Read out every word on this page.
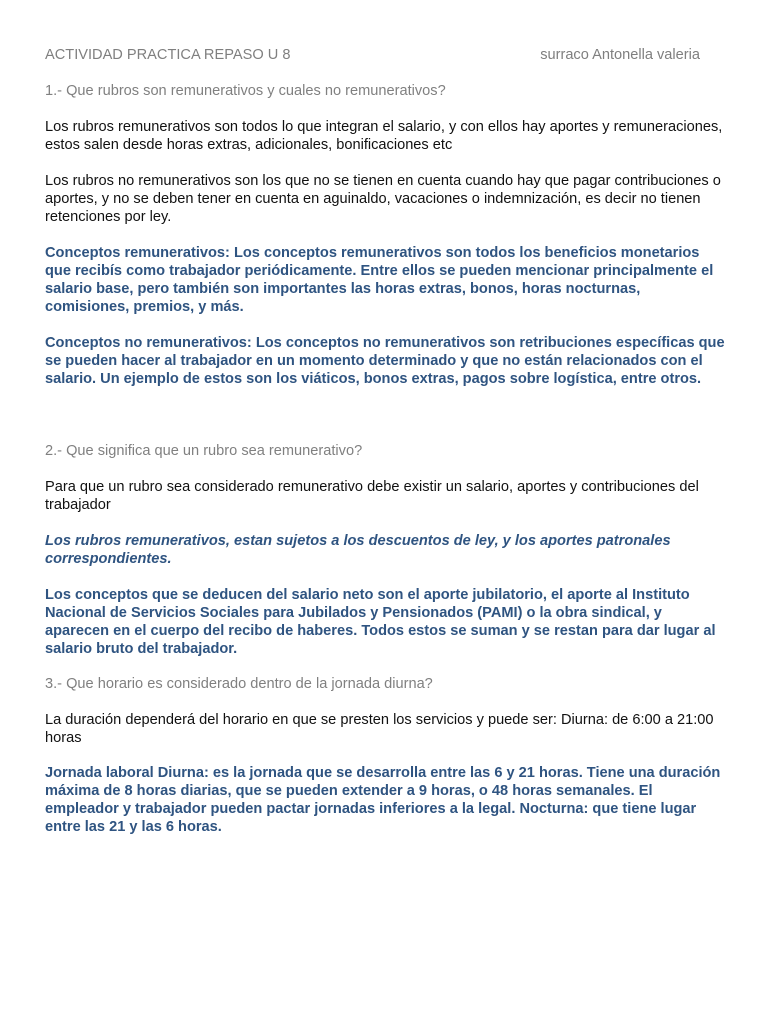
ACTIVIDAD PRACTICA REPASO U 8	surraco Antonella valeria

1.- Que rubros son remunerativos y cuales no remunerativos?

Los rubros remunerativos son todos lo que integran el salario, y con ellos hay aportes y remuneraciones, estos salen desde horas extras, adicionales, bonificaciones etc

Los rubros no remunerativos son los que no se tienen en cuenta cuando hay que pagar contribuciones o aportes, y no se deben tener en cuenta en aguinaldo, vacaciones o indemnización, es decir no tienen retenciones por ley.

Conceptos remunerativos: Los conceptos remunerativos son todos los beneficios monetarios que recibís como trabajador periódicamente. Entre ellos se pueden mencionar principalmente el salario base, pero también son importantes las horas extras, bonos, horas nocturnas, comisiones, premios, y más.

Conceptos no remunerativos: Los conceptos no remunerativos son retribuciones específicas que se pueden hacer al trabajador en un momento determinado y que no están relacionados con el salario. Un ejemplo de estos son los viáticos, bonos extras, pagos sobre logística, entre otros.

2.- Que significa que un rubro sea remunerativo?

Para que un rubro sea considerado remunerativo debe existir un salario, aportes y contribuciones del trabajador

Los rubros remunerativos, estan sujetos a los descuentos de ley, y los aportes patronales correspondientes.

Los conceptos que se deducen del salario neto son el aporte jubilatorio, el aporte al Instituto Nacional de Servicios Sociales para Jubilados y Pensionados (PAMI) o la obra sindical, y aparecen en el cuerpo del recibo de haberes. Todos estos se suman y se restan para dar lugar al salario bruto del trabajador.

3.- Que horario es considerado dentro de la jornada diurna?

La duración dependerá del horario en que se presten los servicios y puede ser: Diurna: de 6:00 a 21:00 horas

Jornada laboral Diurna: es la jornada que se desarrolla entre las 6 y 21 horas. Tiene una duración máxima de 8 horas diarias, que se pueden extender a 9 horas, o 48 horas semanales. El empleador y trabajador pueden pactar jornadas inferiores a la legal. Nocturna: que tiene lugar entre las 21 y las 6 horas.
